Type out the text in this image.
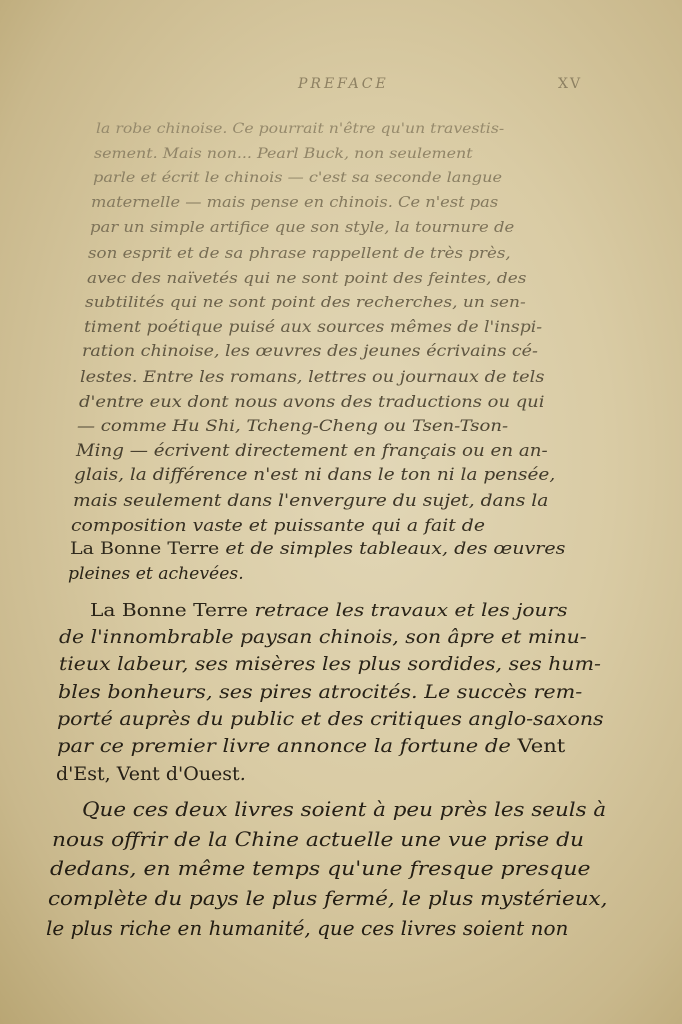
PREFACE	XV
la robe chinoise. Ce pourrait n'être qu'un travestis-
sement. Mais non... Pearl Buck, non seulement
parle et écrit le chinois — c'est sa seconde langue
maternelle — mais pense en chinois. Ce n'est pas
par un simple artifice que son style, la tournure de
son esprit et de sa phrase rappellent de très près,
avec des naïvetés qui ne sont point des feintes, des
subtilités qui ne sont point des recherches, un sen-
timent poétique puisé aux sources mêmes de l'inspi-
ration chinoise, les œuvres des jeunes écrivains cé-
lestes. Entre les romans, lettres ou journaux de tels
d'entre eux dont nous avons des traductions ou qui
— comme Hu Shi, Tcheng-Cheng ou Tsen-Tson-
Ming — écrivent directement en français ou en an-
glais, la différence n'est ni dans le ton ni la pensée,
mais seulement dans l'envergure du sujet, dans la
composition vaste et puissante qui a fait de
La Bonne Terre et de simples tableaux, des œuvres
pleines et achevées.
La Bonne Terre retrace les travaux et les jours
de l'innombrable paysan chinois, son âpre et minu-
tieux labeur, ses misères les plus sordides, ses hum-
bles bonheurs, ses pires atrocités. Le succès rem-
porté auprès du public et des critiques anglo-saxons
par ce premier livre annonce la fortune de Vent
d'Est, Vent d'Ouest.
Que ces deux livres soient à peu près les seuls à
nous offrir de la Chine actuelle une vue prise du
dedans, en même temps qu'une fresque presque
complète du pays le plus fermé, le plus mystérieux,
le plus riche en humanité, que ces livres soient non
